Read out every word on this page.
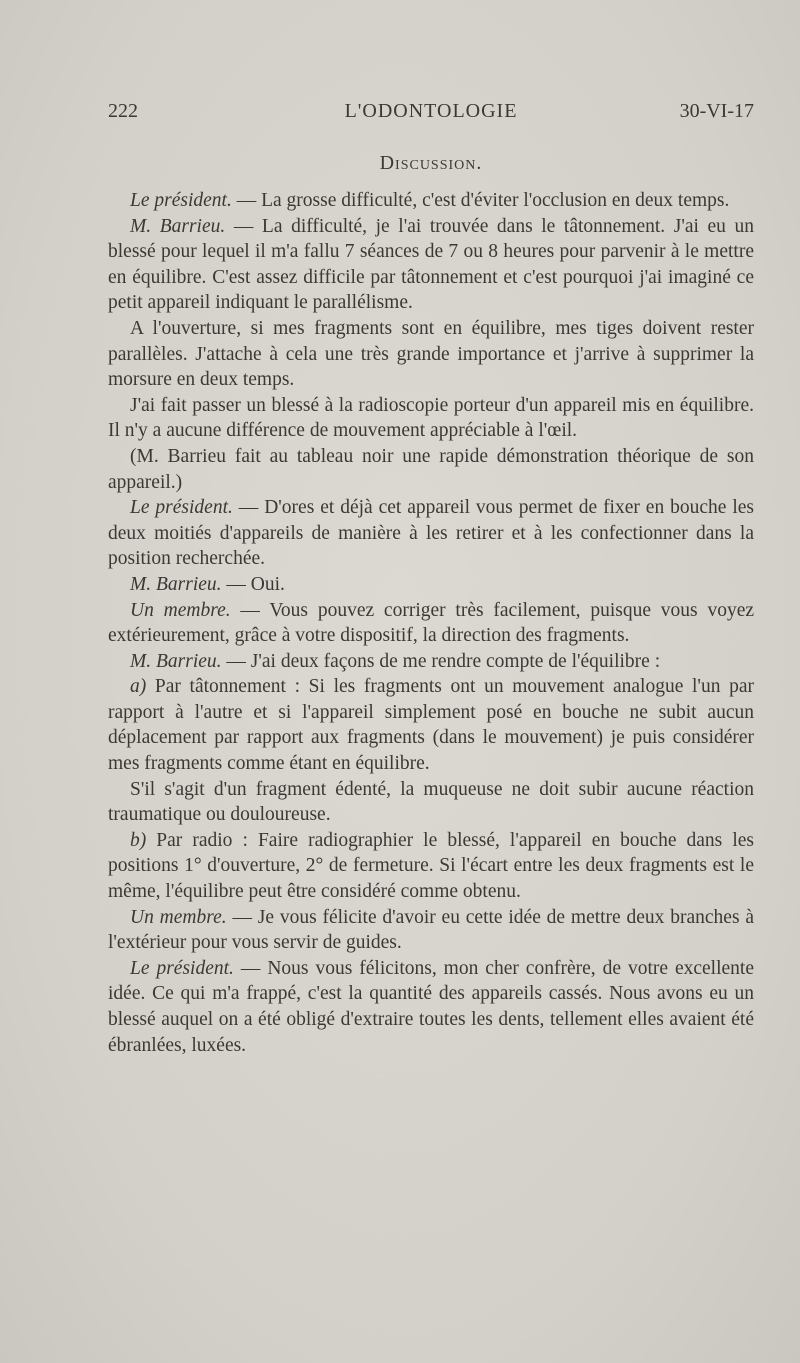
222	L'ODONTOLOGIE	30-VI-17
Discussion.

Le président. — La grosse difficulté, c'est d'éviter l'occlusion en deux temps.

M. Barrieu. — La difficulté, je l'ai trouvée dans le tâtonnement. J'ai eu un blessé pour lequel il m'a fallu 7 séances de 7 ou 8 heures pour parvenir à le mettre en équilibre. C'est assez difficile par tâtonnement et c'est pourquoi j'ai imaginé ce petit appareil indiquant le parallélisme.

A l'ouverture, si mes fragments sont en équilibre, mes tiges doivent rester parallèles. J'attache à cela une très grande importance et j'arrive à supprimer la morsure en deux temps.

J'ai fait passer un blessé à la radioscopie porteur d'un appareil mis en équilibre. Il n'y a aucune différence de mouvement appréciable à l'œil.

(M. Barrieu fait au tableau noir une rapide démonstration théorique de son appareil.)

Le président. — D'ores et déjà cet appareil vous permet de fixer en bouche les deux moitiés d'appareils de manière à les retirer et à les confectionner dans la position recherchée.

M. Barrieu. — Oui.

Un membre. — Vous pouvez corriger très facilement, puisque vous voyez extérieurement, grâce à votre dispositif, la direction des fragments.

M. Barrieu. — J'ai deux façons de me rendre compte de l'équilibre :

a) Par tâtonnement : Si les fragments ont un mouvement analogue l'un par rapport à l'autre et si l'appareil simplement posé en bouche ne subit aucun déplacement par rapport aux fragments (dans le mouvement) je puis considérer mes fragments comme étant en équilibre.

S'il s'agit d'un fragment édenté, la muqueuse ne doit subir aucune réaction traumatique ou douloureuse.

b) Par radio : Faire radiographier le blessé, l'appareil en bouche dans les positions 1° d'ouverture, 2° de fermeture. Si l'écart entre les deux fragments est le même, l'équilibre peut être considéré comme obtenu.

Un membre. — Je vous félicite d'avoir eu cette idée de mettre deux branches à l'extérieur pour vous servir de guides.

Le président. — Nous vous félicitons, mon cher confrère, de votre excellente idée. Ce qui m'a frappé, c'est la quantité des appareils cassés. Nous avons eu un blessé auquel on a été obligé d'extraire toutes les dents, tellement elles avaient été ébranlées, luxées.
